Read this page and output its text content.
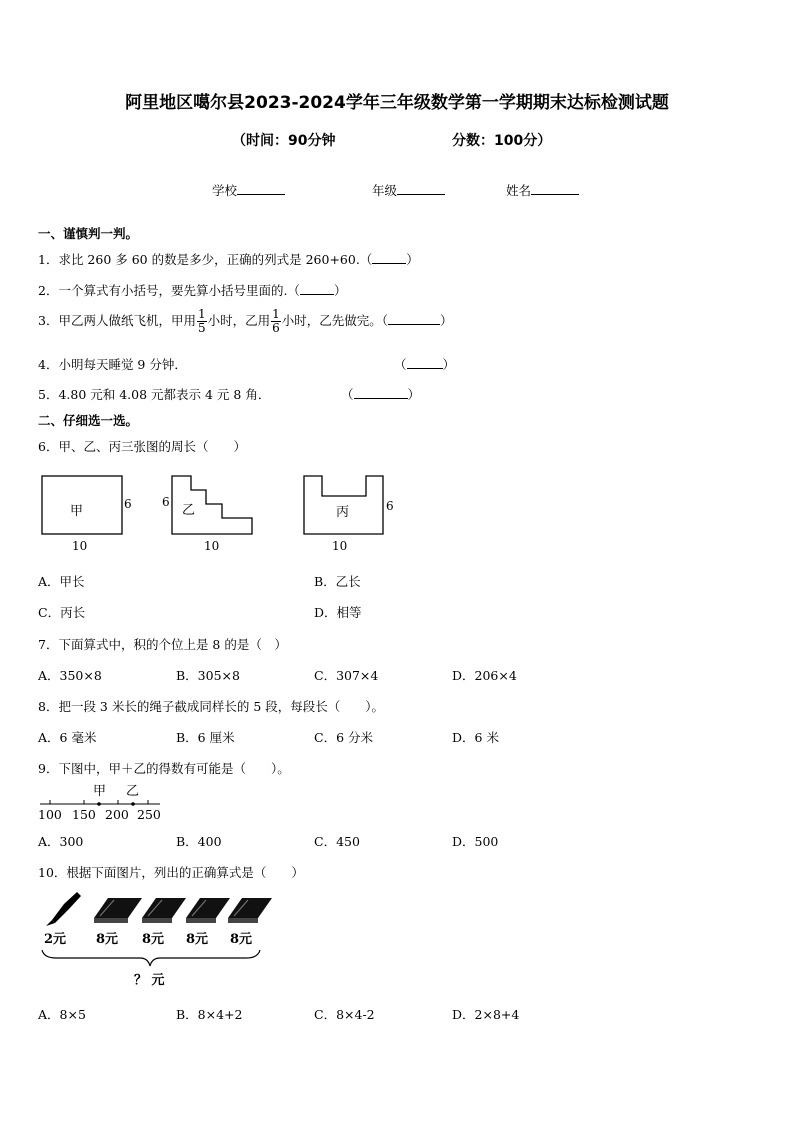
阿里地区噶尔县2023-2024学年三年级数学第一学期期末达标检测试题
（时间：90分钟	分数：100分）
学校	年级	姓名
一、谨慎判一判。
1．求比 260 多 60 的数是多少，正确的列式是 260+60.（	）
2．一个算式有小括号，要先算小括号里面的.（	）
3．甲乙两人做纸飞机，甲用 $\frac{1}{5}$ 小时，乙用 $\frac{1}{6}$ 小时，乙先做完。（	）
4．小明每天睡觉 9 分钟．	（	）
5．4.80 元和 4.08 元都表示 4 元 8 角．	（	）
二、仔细选一选。
6．甲、乙、丙三张图的周长（　　）
甲	6
10
乙
6
10
丙	6
10
A．甲长	B．乙长
C．丙长	D．相等
7．下面算式中，积的个位上是 8 的是（　）
A．350×8	B．305×8	C．307×4	D．206×4
8．把一段 3 米长的绳子截成同样长的 5 段，每段长（　　）。
A．6 毫米	B．6 厘米	C．6 分米	D．6 米
9．下图中，甲＋乙的得数有可能是（　　）。
甲 乙
100 150 200 250
A．300	B．400	C．450	D．500
10．根据下面图片，列出的正确算式是（　　）
2元 8元 8元 8元 8元
？ 元
A．8×5	B．8×4+2	C．8×4-2	D．2×8+4
